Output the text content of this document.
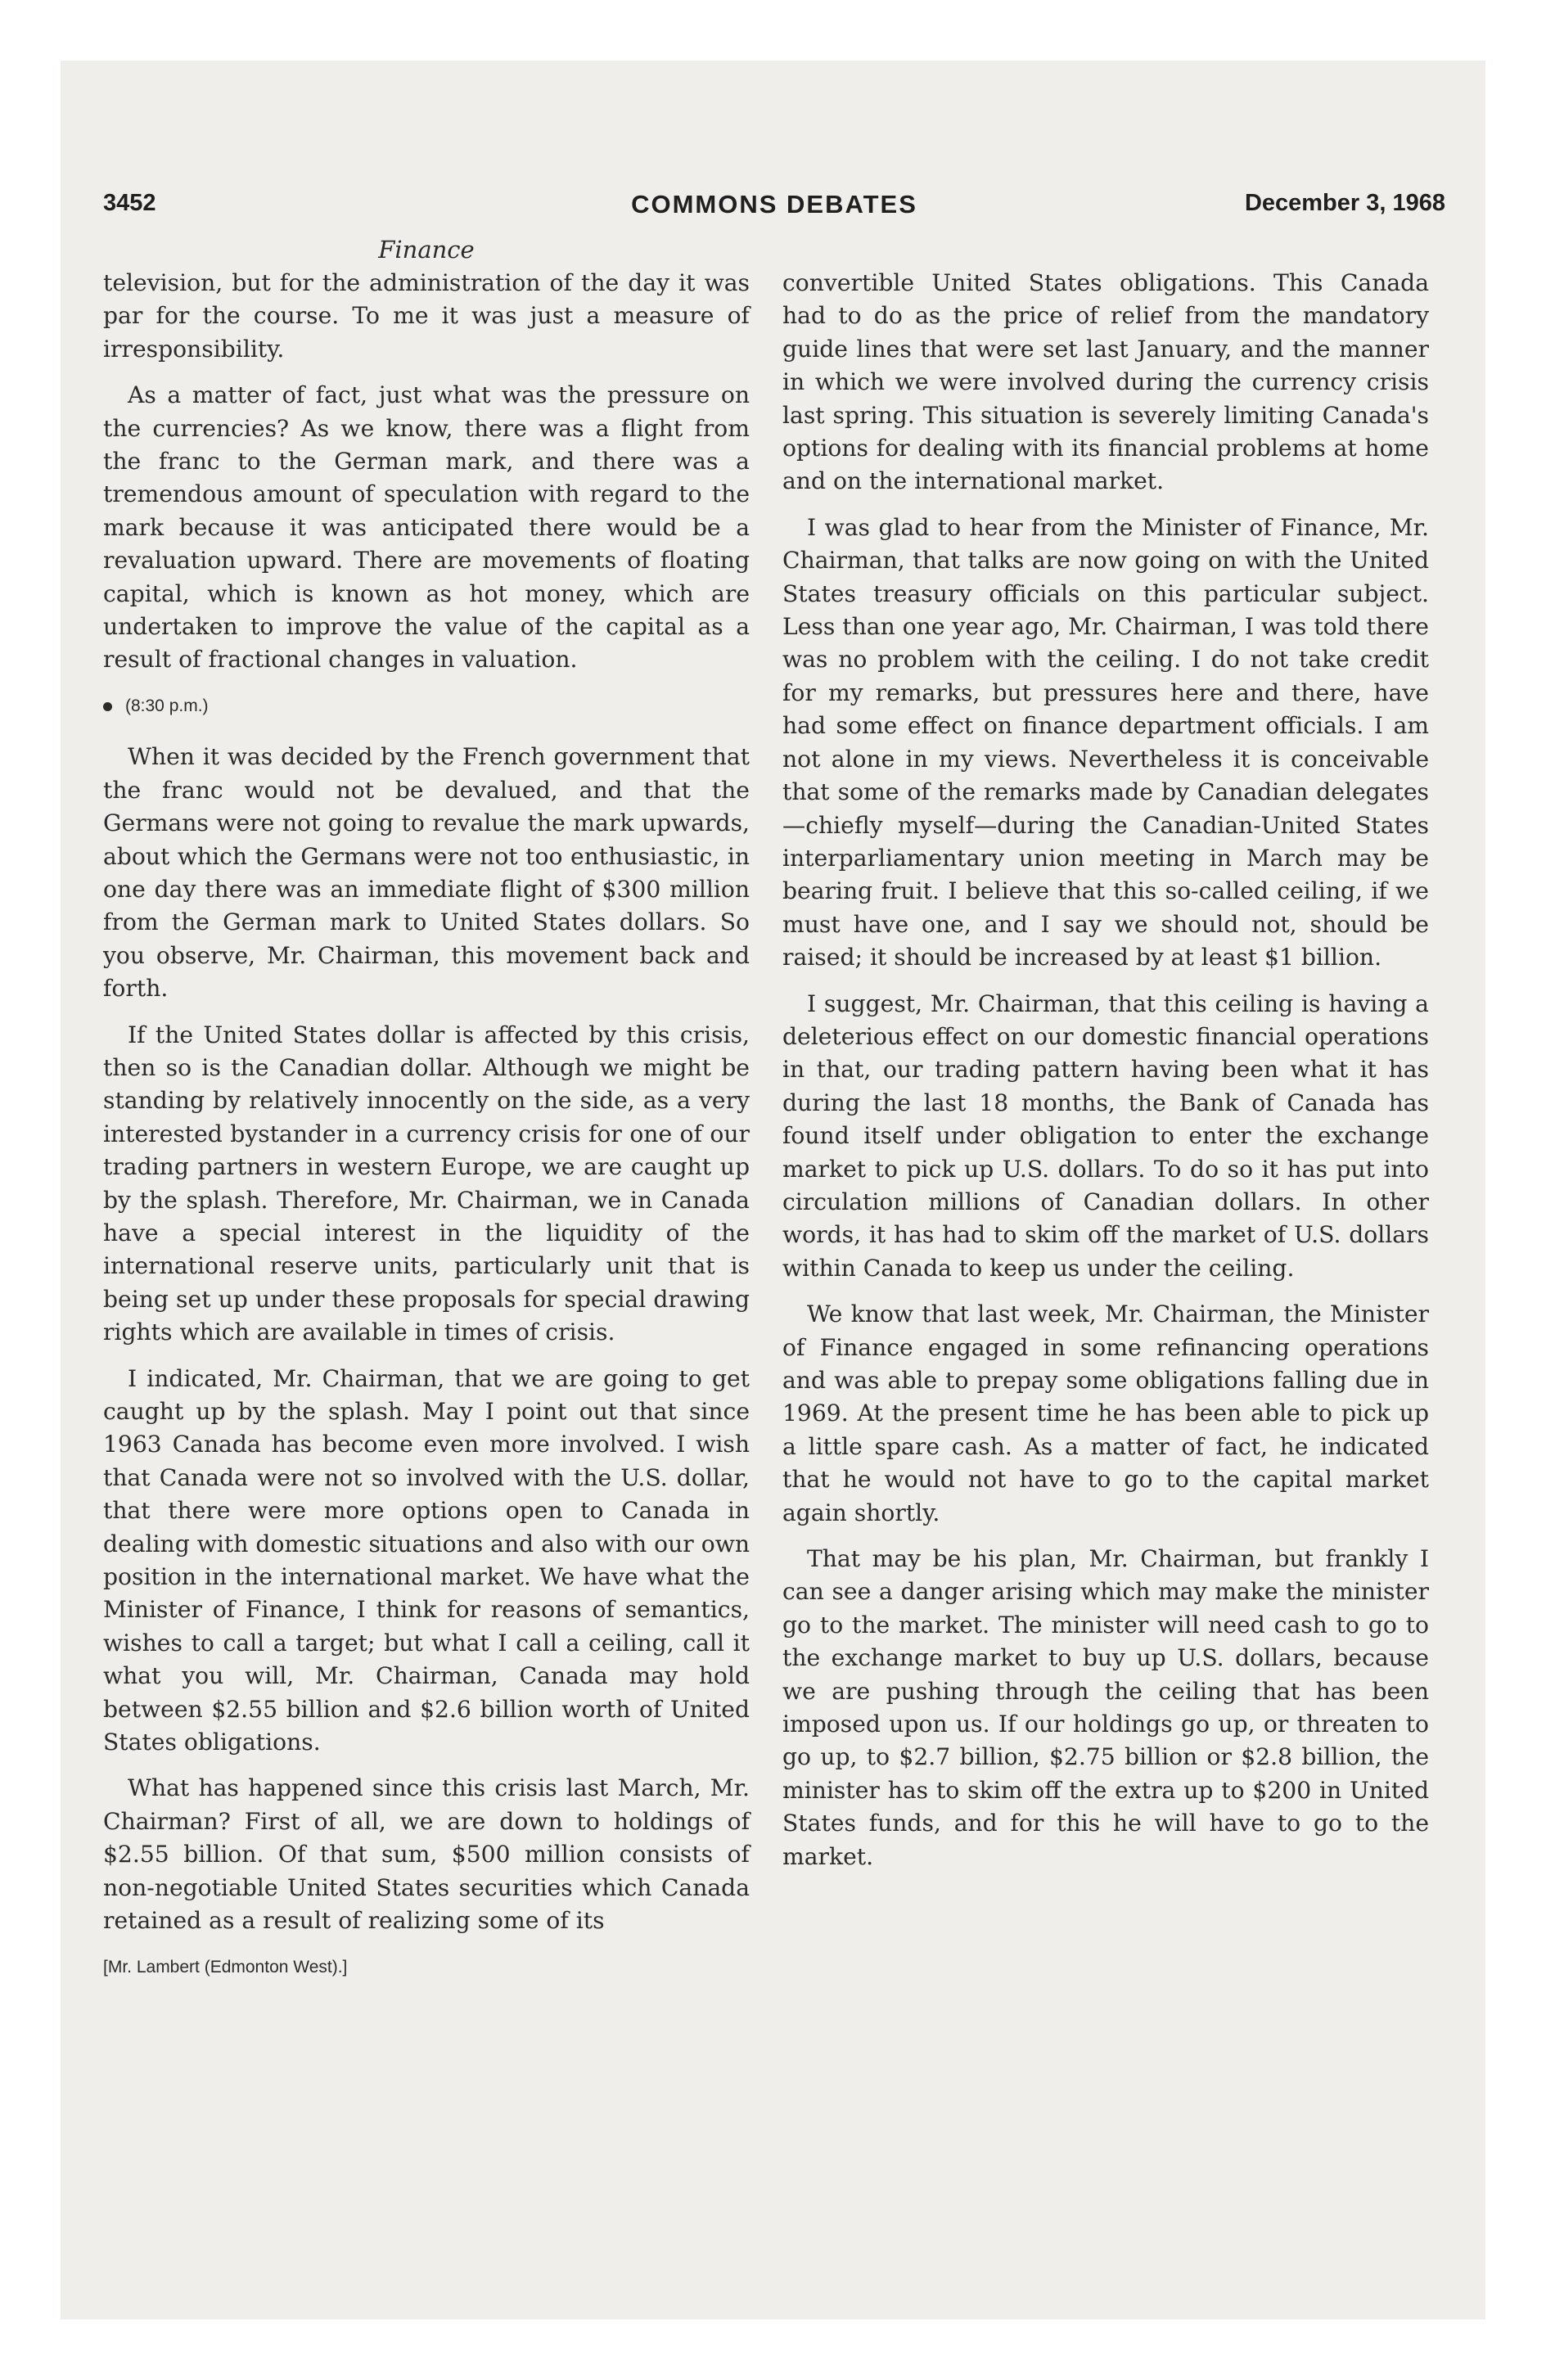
3452	COMMONS DEBATES	December 3, 1968
Finance

television, but for the administration of the day it was par for the course. To me it was just a measure of irresponsibility.

As a matter of fact, just what was the pressure on the currencies? As we know, there was a flight from the franc to the German mark, and there was a tremendous amount of speculation with regard to the mark because it was anticipated there would be a revaluation upward. There are movements of floating capital, which is known as hot money, which are undertaken to improve the value of the capital as a result of fractional changes in valuation.

(8:30 p.m.)

When it was decided by the French government that the franc would not be devalued, and that the Germans were not going to revalue the mark upwards, about which the Germans were not too enthusiastic, in one day there was an immediate flight of $300 million from the German mark to United States dollars. So you observe, Mr. Chairman, this movement back and forth.

If the United States dollar is affected by this crisis, then so is the Canadian dollar. Although we might be standing by relatively innocently on the side, as a very interested bystander in a currency crisis for one of our trading partners in western Europe, we are caught up by the splash. Therefore, Mr. Chairman, we in Canada have a special interest in the liquidity of the international reserve units, particularly unit that is being set up under these proposals for special drawing rights which are available in times of crisis.

I indicated, Mr. Chairman, that we are going to get caught up by the splash. May I point out that since 1963 Canada has become even more involved. I wish that Canada were not so involved with the U.S. dollar, that there were more options open to Canada in dealing with domestic situations and also with our own position in the international market. We have what the Minister of Finance, I think for reasons of semantics, wishes to call a target; but what I call a ceiling, call it what you will, Mr. Chairman, Canada may hold between $2.55 billion and $2.6 billion worth of United States obligations.

What has happened since this crisis last March, Mr. Chairman? First of all, we are down to holdings of $2.55 billion. Of that sum, $500 million consists of non-negotiable United States securities which Canada retained as a result of realizing some of its

[Mr. Lambert (Edmonton West).]

convertible United States obligations. This Canada had to do as the price of relief from the mandatory guide lines that were set last January, and the manner in which we were involved during the currency crisis last spring. This situation is severely limiting Canada's options for dealing with its financial problems at home and on the international market.

I was glad to hear from the Minister of Finance, Mr. Chairman, that talks are now going on with the United States treasury officials on this particular subject. Less than one year ago, Mr. Chairman, I was told there was no problem with the ceiling. I do not take credit for my remarks, but pressures here and there, have had some effect on finance department officials. I am not alone in my views. Nevertheless it is conceivable that some of the remarks made by Canadian delegates—chiefly myself—during the Canadian-United States interparliamentary union meeting in March may be bearing fruit. I believe that this so-called ceiling, if we must have one, and I say we should not, should be raised; it should be increased by at least $1 billion.

I suggest, Mr. Chairman, that this ceiling is having a deleterious effect on our domestic financial operations in that, our trading pattern having been what it has during the last 18 months, the Bank of Canada has found itself under obligation to enter the exchange market to pick up U.S. dollars. To do so it has put into circulation millions of Canadian dollars. In other words, it has had to skim off the market of U.S. dollars within Canada to keep us under the ceiling.

We know that last week, Mr. Chairman, the Minister of Finance engaged in some refinancing operations and was able to prepay some obligations falling due in 1969. At the present time he has been able to pick up a little spare cash. As a matter of fact, he indicated that he would not have to go to the capital market again shortly.

That may be his plan, Mr. Chairman, but frankly I can see a danger arising which may make the minister go to the market. The minister will need cash to go to the exchange market to buy up U.S. dollars, because we are pushing through the ceiling that has been imposed upon us. If our holdings go up, or threaten to go up, to $2.7 billion, $2.75 billion or $2.8 billion, the minister has to skim off the extra up to $200 in United States funds, and for this he will have to go to the market.
